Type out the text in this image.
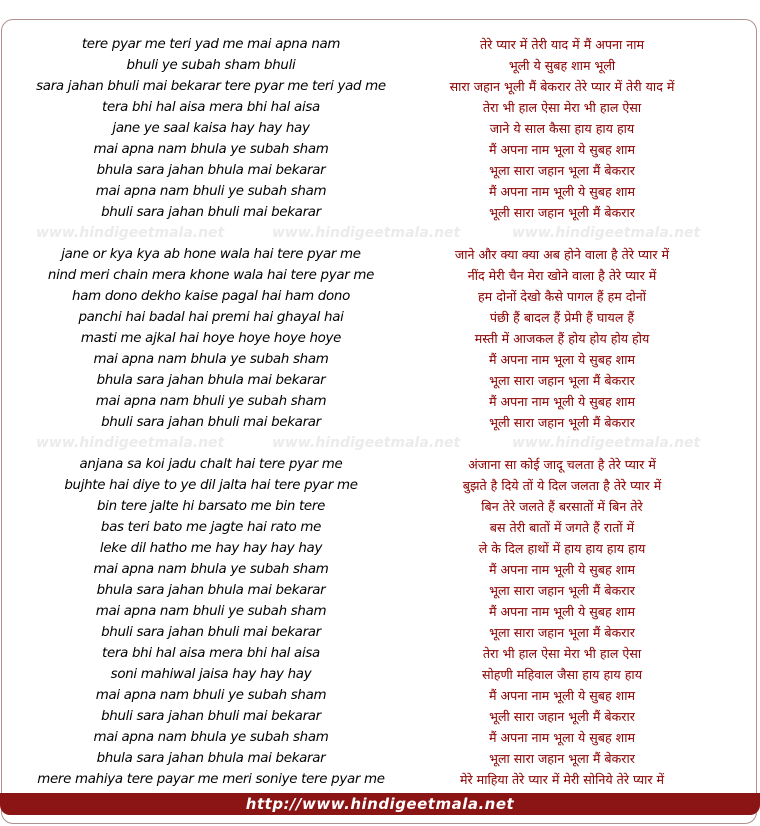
tere pyar me teri yad me mai apna nam	तेरे प्यार में तेरी याद में मैं अपना नाम
bhuli ye subah sham bhuli	भूली ये सुबह शाम भूली
sara jahan bhuli mai bekarar tere pyar me teri yad me	सारा जहान भूली मैं बेकरार तेरे प्यार में तेरी याद में
tera bhi hal aisa mera bhi hal aisa	तेरा भी हाल ऐसा मेरा भी हाल ऐसा
jane ye saal kaisa hay hay hay	जाने ये साल कैसा हाय हाय हाय
mai apna nam bhula ye subah sham	मैं अपना नाम भूला ये सुबह शाम
bhula sara jahan bhula mai bekarar	भूला सारा जहान भूला मैं बेकरार
mai apna nam bhuli ye subah sham	मैं अपना नाम भूली ये सुबह शाम
bhuli sara jahan bhuli mai bekarar	भूली सारा जहान भूली मैं बेकरार
www.hindigeetmala.net	www.hindigeetmala.net	www.hindigeetmala.net
jane or kya kya ab hone wala hai tere pyar me	जाने और क्या क्या अब होने वाला है तेरे प्यार में
nind meri chain mera khone wala hai tere pyar me	नींद मेरी चैन मेरा खोने वाला है तेरे प्यार में
ham dono dekho kaise pagal hai ham dono	हम दोनों देखो कैसे पागल हैं हम दोनों
panchi hai badal hai premi hai ghayal hai	पंछी हैं बादल हैं प्रेमी हैं घायल हैं
masti me ajkal hai hoye hoye hoye hoye	मस्ती में आजकल हैं होय होय होय होय
mai apna nam bhula ye subah sham	मैं अपना नाम भूला ये सुबह शाम
bhula sara jahan bhula mai bekarar	भूला सारा जहान भूला मैं बेकरार
mai apna nam bhuli ye subah sham	मैं अपना नाम भूली ये सुबह शाम
bhuli sara jahan bhuli mai bekarar	भूली सारा जहान भूली मैं बेकरार
www.hindigeetmala.net	www.hindigeetmala.net	www.hindigeetmala.net
anjana sa koi jadu chalt hai tere pyar me	अंजाना सा कोई जादू चलता है तेरे प्यार में
bujhte hai diye to ye dil jalta hai tere pyar me	बुझते है दिये तों ये दिल जलता है तेरे प्यार में
bin tere jalte hi barsato me bin tere	बिन तेरे जलते हैं बरसातों में बिन तेरे
bas teri bato me jagte hai rato me	बस तेरी बातों में जगते हैं रातों में
leke dil hatho me hay hay hay hay	ले के दिल हाथों में हाय हाय हाय हाय
mai apna nam bhula ye subah sham	मैं अपना नाम भूली ये सुबह शाम
bhula sara jahan bhula mai bekarar	भूला सारा जहान भूली मैं बेकरार
mai apna nam bhuli ye subah sham	मैं अपना नाम भूली ये सुबह शाम
bhuli sara jahan bhuli mai bekarar	भूला सारा जहान भूला मैं बेकरार
tera bhi hal aisa mera bhi hal aisa	तेरा भी हाल ऐसा मेरा भी हाल ऐसा
soni mahiwal jaisa hay hay hay	सोहणी महिवाल जैसा हाय हाय हाय
mai apna nam bhuli ye subah sham	मैं अपना नाम भूली ये सुबह शाम
bhuli sara jahan bhuli mai bekarar	भूली सारा जहान भूली मैं बेकरार
mai apna nam bhula ye subah sham	मैं अपना नाम भूला ये सुबह शाम
bhula sara jahan bhula mai bekarar	भूला सारा जहान भूला मैं बेकरार
mere mahiya tere payar me meri soniye tere pyar me	मेरे माहिया तेरे प्यार में मेरी सोनिये तेरे प्यार में
http://www.hindigeetmala.net
